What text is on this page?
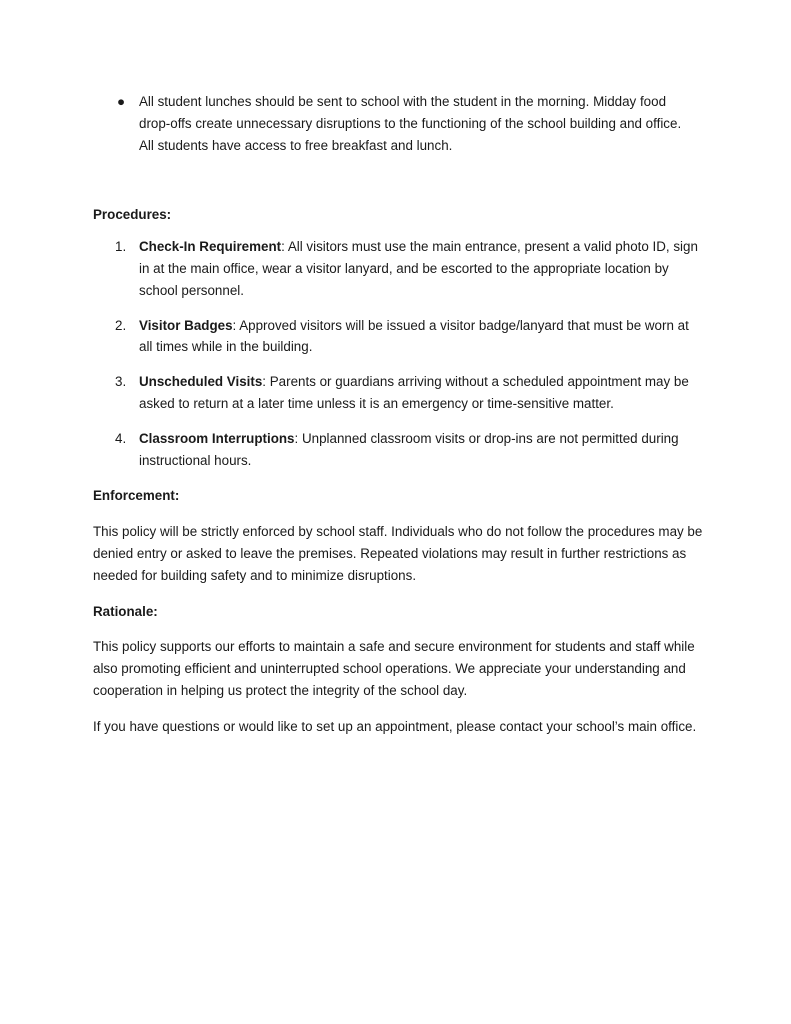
● All student lunches should be sent to school with the student in the morning. Midday food drop-offs create unnecessary disruptions to the functioning of the school building and office. All students have access to free breakfast and lunch.

Procedures:

1. Check-In Requirement: All visitors must use the main entrance, present a valid photo ID, sign in at the main office, wear a visitor lanyard, and be escorted to the appropriate location by school personnel.
2. Visitor Badges: Approved visitors will be issued a visitor badge/lanyard that must be worn at all times while in the building.
3. Unscheduled Visits: Parents or guardians arriving without a scheduled appointment may be asked to return at a later time unless it is an emergency or time-sensitive matter.
4. Classroom Interruptions: Unplanned classroom visits or drop-ins are not permitted during instructional hours.

Enforcement:

This policy will be strictly enforced by school staff. Individuals who do not follow the procedures may be denied entry or asked to leave the premises. Repeated violations may result in further restrictions as needed for building safety and to minimize disruptions.

Rationale:

This policy supports our efforts to maintain a safe and secure environment for students and staff while also promoting efficient and uninterrupted school operations. We appreciate your understanding and cooperation in helping us protect the integrity of the school day.

If you have questions or would like to set up an appointment, please contact your school’s main office.
